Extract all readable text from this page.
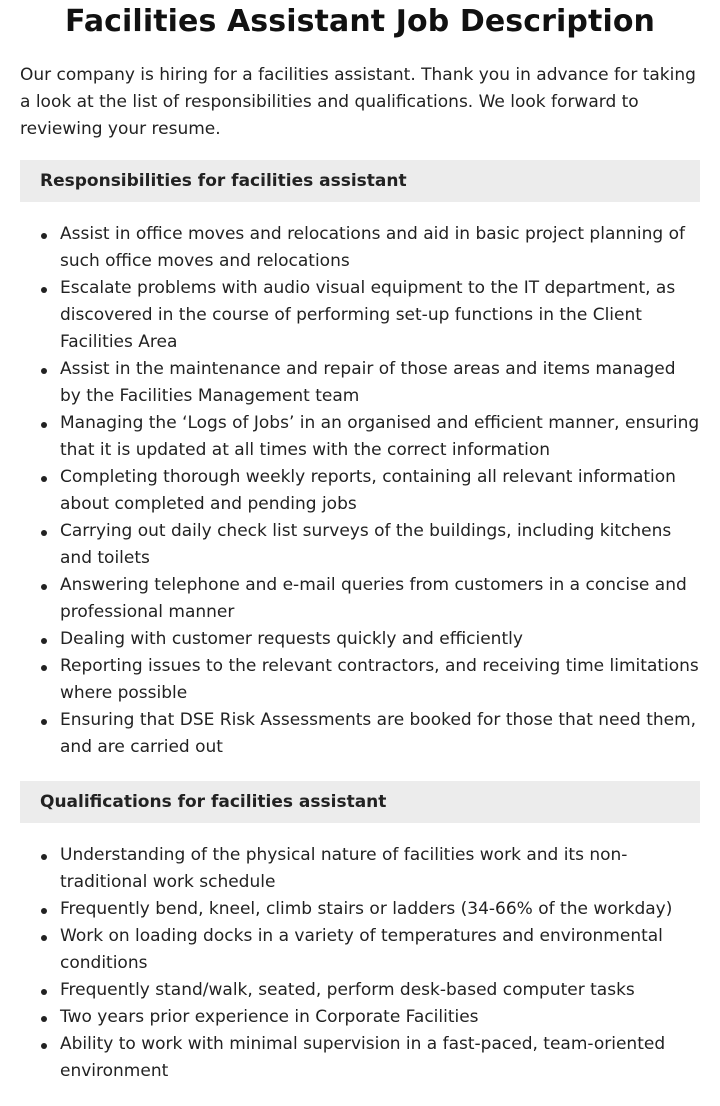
Facilities Assistant Job Description

Our company is hiring for a facilities assistant. Thank you in advance for taking a look at the list of responsibilities and qualifications. We look forward to reviewing your resume.

Responsibilities for facilities assistant
Assist in office moves and relocations and aid in basic project planning of such office moves and relocations
Escalate problems with audio visual equipment to the IT department, as discovered in the course of performing set-up functions in the Client Facilities Area
Assist in the maintenance and repair of those areas and items managed by the Facilities Management team
Managing the ‘Logs of Jobs’ in an organised and efficient manner, ensuring that it is updated at all times with the correct information
Completing thorough weekly reports, containing all relevant information about completed and pending jobs
Carrying out daily check list surveys of the buildings, including kitchens and toilets
Answering telephone and e-mail queries from customers in a concise and professional manner
Dealing with customer requests quickly and efficiently
Reporting issues to the relevant contractors, and receiving time limitations where possible
Ensuring that DSE Risk Assessments are booked for those that need them, and are carried out
Qualifications for facilities assistant
Understanding of the physical nature of facilities work and its non-traditional work schedule
Frequently bend, kneel, climb stairs or ladders (34-66% of the workday)
Work on loading docks in a variety of temperatures and environmental conditions
Frequently stand/walk, seated, perform desk-based computer tasks
Two years prior experience in Corporate Facilities
Ability to work with minimal supervision in a fast-paced, team-oriented environment
